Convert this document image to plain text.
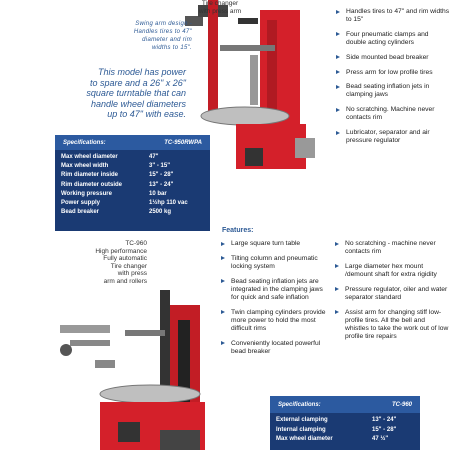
Tire changer
with press arm
Swing arm design -
Handles tires to 47"
diameter and rim
widths to 15".
This model has power
to spare and a 26" x 26"
square turntable that can
handle wheel diameters
up to 47" with ease.
Specifications:	TC-950RWPA
Max wheel diameter	47"
Max wheel width	3" - 15"
Rim diameter inside	15" - 28"
Rim diameter outside	13" - 24"
Working pressure	10 bar
Power supply	1½hp 110 vac
Bead breaker	2500 kg
Handles tires to 47" and rim widths to 15"
Four pneumatic clamps and double acting cylinders
Side mounted bead breaker
Press arm for low profile tires
Bead seating inflation jets in clamping jaws
No scratching. Machine never contacts rim
Lubricator, separator and air pressure regulator
TC-960
High performance
Fully automatic
Tire changer
with press
arm and rollers
Features:
Large square turn table
Tilting column and pneumatic locking system
Bead seating inflation jets are integrated in the clamping jaws for quick and safe inflation
Twin clamping cylinders provide more power to hold the most difficult rims
Conveniently located powerful bead breaker
No scratching - machine never contacts rim
Large diameter hex mount /demount shaft for extra rigidity
Pressure regulator, oiler and water separator standard
Assist arm for changing stiff low-profile tires. All the bell and whistles to take the work out of low profile tire repairs
Specifications:	TC-960
External clamping	13" - 24"
Internal clamping	15" - 28"
Max wheel diameter	47 ½"
